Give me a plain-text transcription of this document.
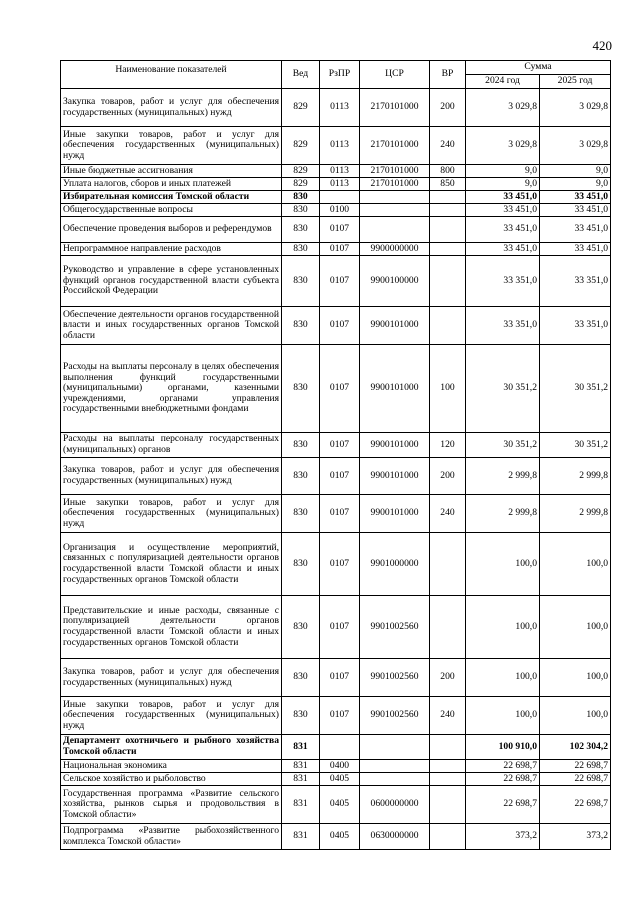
420
Наименование показателей	Вед	РзПР	ЦСР	ВР	Сумма	
					2024 год	2025 год
Закупка товаров, работ и услуг для обеспечения государственных (муниципальных) нужд	829	0113	2170101000	200	3 029,8	3 029,8
Иные закупки товаров, работ и услуг для обеспечения государственных (муниципальных) нужд	829	0113	2170101000	240	3 029,8	3 029,8
Иные бюджетные ассигнования	829	0113	2170101000	800	9,0	9,0
Уплата налогов, сборов и иных платежей	829	0113	2170101000	850	9,0	9,0
Избирательная комиссия Томской области	830				33 451,0	33 451,0
Общегосударственные вопросы	830	0100			33 451,0	33 451,0
Обеспечение проведения выборов и референдумов	830	0107			33 451,0	33 451,0
Непрограммное направление расходов	830	0107	9900000000		33 451,0	33 451,0
Руководство и управление в сфере установленных функций органов государственной власти субъекта Российской Федерации	830	0107	9900100000		33 351,0	33 351,0
Обеспечение деятельности органов государственной власти и иных государственных органов Томской области	830	0107	9900101000		33 351,0	33 351,0
Расходы на выплаты персоналу в целях обеспечения выполнения функций государственными (муниципальными) органами, казенными учреждениями, органами управления государственными внебюджетными фондами	830	0107	9900101000	100	30 351,2	30 351,2
Расходы на выплаты персоналу государственных (муниципальных) органов	830	0107	9900101000	120	30 351,2	30 351,2
Закупка товаров, работ и услуг для обеспечения государственных (муниципальных) нужд	830	0107	9900101000	200	2 999,8	2 999,8
Иные закупки товаров, работ и услуг для обеспечения государственных (муниципальных) нужд	830	0107	9900101000	240	2 999,8	2 999,8
Организация и осуществление мероприятий, связанных с популяризацией деятельности органов государственной власти Томской области и иных государственных органов Томской области	830	0107	9901000000		100,0	100,0
Представительские и иные расходы, связанные с популяризацией деятельности органов государственной власти Томской области и иных государственных органов Томской области	830	0107	9901002560		100,0	100,0
Закупка товаров, работ и услуг для обеспечения государственных (муниципальных) нужд	830	0107	9901002560	200	100,0	100,0
Иные закупки товаров, работ и услуг для обеспечения государственных (муниципальных) нужд	830	0107	9901002560	240	100,0	100,0
Департамент охотничьего и рыбного хозяйства Томской области	831				100 910,0	102 304,2
Национальная экономика	831	0400			22 698,7	22 698,7
Сельское хозяйство и рыболовство	831	0405			22 698,7	22 698,7
Государственная программа «Развитие сельского хозяйства, рынков сырья и продовольствия в Томской области»	831	0405	0600000000		22 698,7	22 698,7
Подпрограмма «Развитие рыбохозяйственного комплекса Томской области»	831	0405	0630000000		373,2	373,2
